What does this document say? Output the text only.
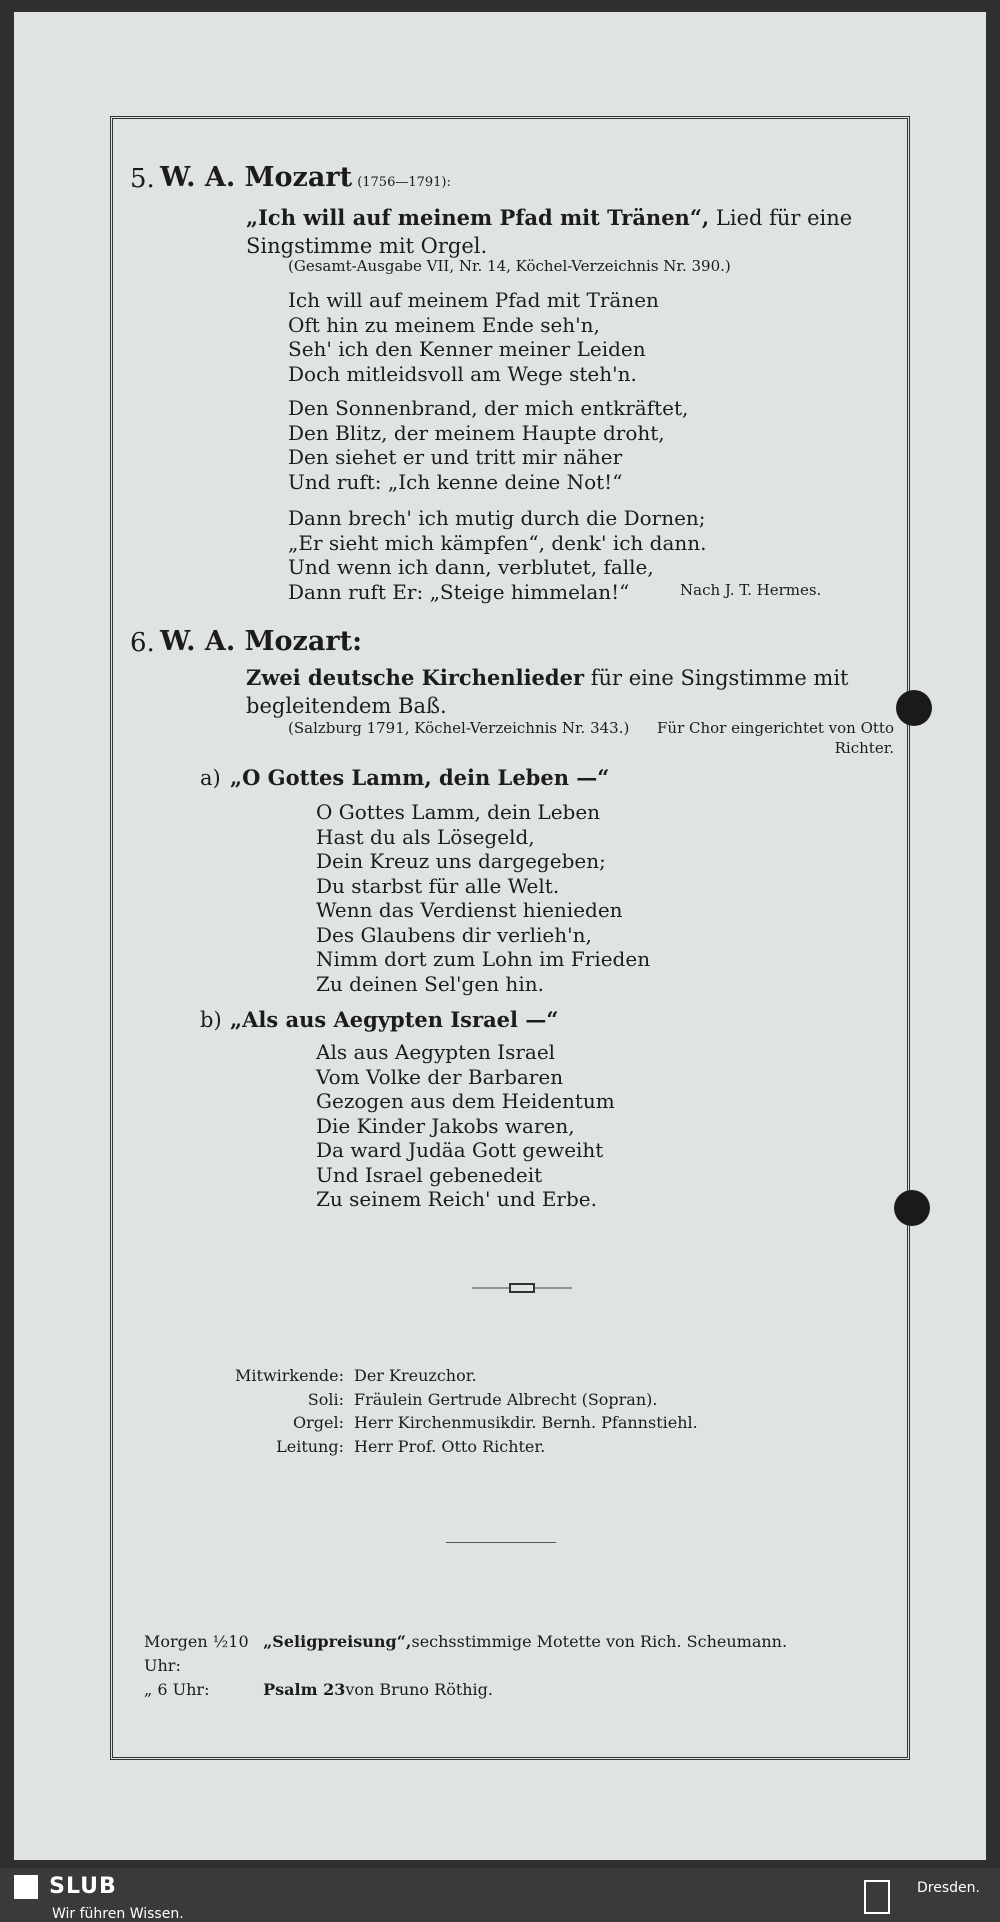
5. W. A. Mozart (1756—1791):
„Ich will auf meinem Pfad mit Tränen“, Lied für eine Singstimme mit Orgel.
(Gesamt-Ausgabe VII, Nr. 14, Köchel-Verzeichnis Nr. 390.)
Ich will auf meinem Pfad mit Tränen
Oft hin zu meinem Ende seh'n,
Seh' ich den Kenner meiner Leiden
Doch mitleidsvoll am Wege steh'n.
Den Sonnenbrand, der mich entkräftet,
Den Blitz, der meinem Haupte droht,
Den siehet er und tritt mir näher
Und ruft: „Ich kenne deine Not!“
Dann brech' ich mutig durch die Dornen;
„Er sieht mich kämpfen“, denk' ich dann.
Und wenn ich dann, verblutet, falle,
Dann ruft Er: „Steige himmelan!“	Nach J. T. Hermes.
6. W. A. Mozart:
Zwei deutsche Kirchenlieder für eine Singstimme mit begleitendem Baß.
(Salzburg 1791, Köchel-Verzeichnis Nr. 343.) Für Chor eingerichtet von Otto Richter.
a) „O Gottes Lamm, dein Leben —“
O Gottes Lamm, dein Leben
Hast du als Lösegeld,
Dein Kreuz uns dargegeben;
Du starbst für alle Welt.
Wenn das Verdienst hienieden
Des Glaubens dir verlieh'n,
Nimm dort zum Lohn im Frieden
Zu deinen Sel'gen hin.
b) „Als aus Aegypten Israel —“
Als aus Aegypten Israel
Vom Volke der Barbaren
Gezogen aus dem Heidentum
Die Kinder Jakobs waren,
Da ward Judäa Gott geweiht
Und Israel gebenedeit
Zu seinem Reich' und Erbe.
Mitwirkende: Der Kreuzchor.
Soli: Fräulein Gertrude Albrecht (Sopran).
Orgel: Herr Kirchenmusikdir. Bernh. Pfannstiehl.
Leitung: Herr Prof. Otto Richter.
Morgen ½10 Uhr:

„Seligpreisung“, sechsstimmige Motette von Rich. Scheumann.
„ 6 Uhr:
	Psalm 23 von Bruno Röthig.
SLUB
Wir führen Wissen.
Dresden.
